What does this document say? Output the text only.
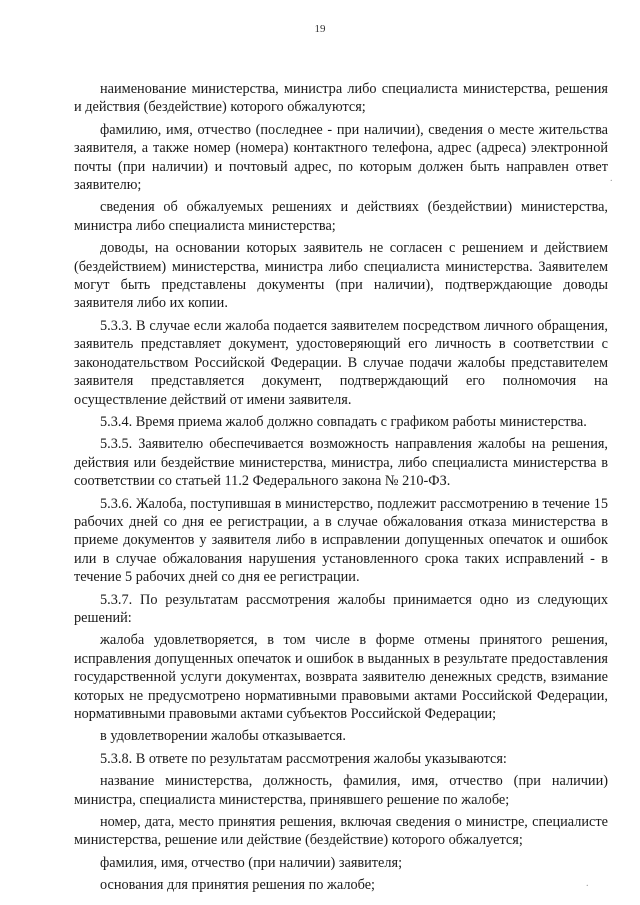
19
.
.

наименование министерства, министра либо специалиста министерства, решения и действия (бездействие) которого обжалуются;

фамилию, имя, отчество (последнее - при наличии), сведения о месте жительства заявителя, а также номер (номера) контактного телефона, адрес (адреса) электронной почты (при наличии) и почтовый адрес, по которым должен быть направлен ответ заявителю;

сведения об обжалуемых решениях и действиях (бездействии) министерства, министра либо специалиста министерства;

доводы, на основании которых заявитель не согласен с решением и действием (бездействием) министерства, министра либо специалиста министерства. Заявителем могут быть представлены документы (при наличии), подтверждающие доводы заявителя либо их копии.

5.3.3. В случае если жалоба подается заявителем посредством личного обращения, заявитель представляет документ, удостоверяющий его личность в соответствии с законодательством Российской Федерации. В случае подачи жалобы представителем заявителя представляется документ, подтверждающий его полномочия на осуществление действий от имени заявителя.

5.3.4. Время приема жалоб должно совпадать с графиком работы министерства.

5.3.5. Заявителю обеспечивается возможность направления жалобы на решения, действия или бездействие министерства, министра, либо специалиста министерства в соответствии со статьей 11.2 Федерального закона № 210-ФЗ.

5.3.6. Жалоба, поступившая в министерство, подлежит рассмотрению в течение 15 рабочих дней со дня ее регистрации, а в случае обжалования отказа министерства в приеме документов у заявителя либо в исправлении допущенных опечаток и ошибок или в случае обжалования нарушения установленного срока таких исправлений - в течение 5 рабочих дней со дня ее регистрации.

5.3.7. По результатам рассмотрения жалобы принимается одно из следующих решений:

жалоба удовлетворяется, в том числе в форме отмены принятого решения, исправления допущенных опечаток и ошибок в выданных в результате предоставления государственной услуги документах, возврата заявителю денежных средств, взимание которых не предусмотрено нормативными правовыми актами Российской Федерации, нормативными правовыми актами субъектов Российской Федерации;

в удовлетворении жалобы отказывается.

5.3.8. В ответе по результатам рассмотрения жалобы указываются:

название министерства, должность, фамилия, имя, отчество (при наличии) министра, специалиста министерства, принявшего решение по жалобе;

номер, дата, место принятия решения, включая сведения о министре, специалисте министерства, решение или действие (бездействие) которого обжалуется;

фамилия, имя, отчество (при наличии) заявителя;

основания для принятия решения по жалобе;
